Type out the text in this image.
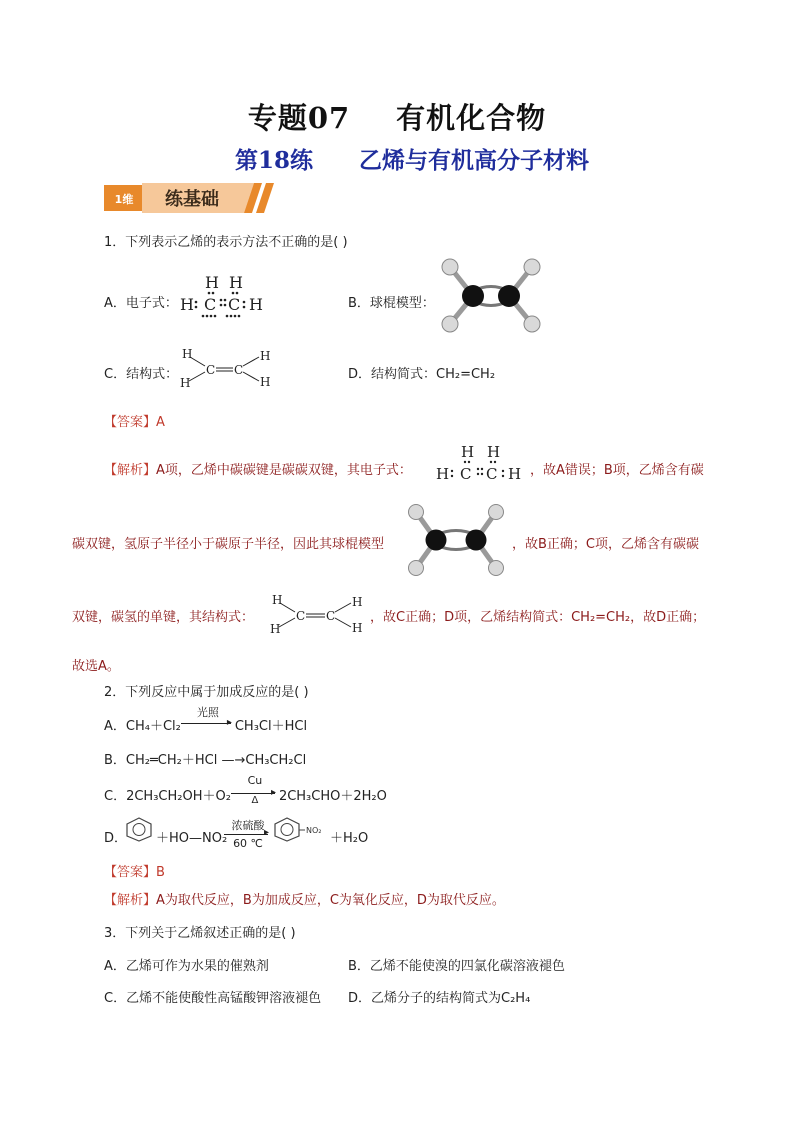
专题07 有机化合物
第18练 乙烯与有机高分子材料
1维 练基础
1．下列表示乙烯的表示方法不正确的是( )
A．电子式：
H H
H C C H	B．球棍模型：
C．结构式：
H
H
C C
H
H	D．结构简式：CH₂=CH₂
【答案】A
【解析】A项，乙烯中碳碳键是碳碳双键，其电子式：
H H
H C C H ，故A错误；B项，乙烯含有碳
碳双键，氢原子半径小于碳原子半径，因此其球棍模型	，故B正确；C项，乙烯含有碳碳
双键，碳氢的单键，其结构式：
H
H
C C
H
H
，故C正确；D项，乙烯结构简式：CH₂=CH₂，故D正确；
故选A。
2．下列反应中属于加成反应的是( )
A．CH₄＋Cl₂
光照
▸ CH₃Cl＋HCl
B．CH₂═CH₂＋HCl —→CH₃CH₂Cl
C．2CH₃CH₂OH＋O₂
Cu
▸
Δ	2CH₃CHO＋2H₂O
D． ＋HO—NO₂
浓硫酸
▸
60 ℃
NO₂
＋H₂O
【答案】B
【解析】A为取代反应，B为加成反应，C为氧化反应，D为取代反应。
3．下列关于乙烯叙述正确的是( )
A．乙烯可作为水果的催熟剂	B．乙烯不能使溴的四氯化碳溶液褪色
C．乙烯不能使酸性高锰酸钾溶液褪色 D．乙烯分子的结构简式为C₂H₄
